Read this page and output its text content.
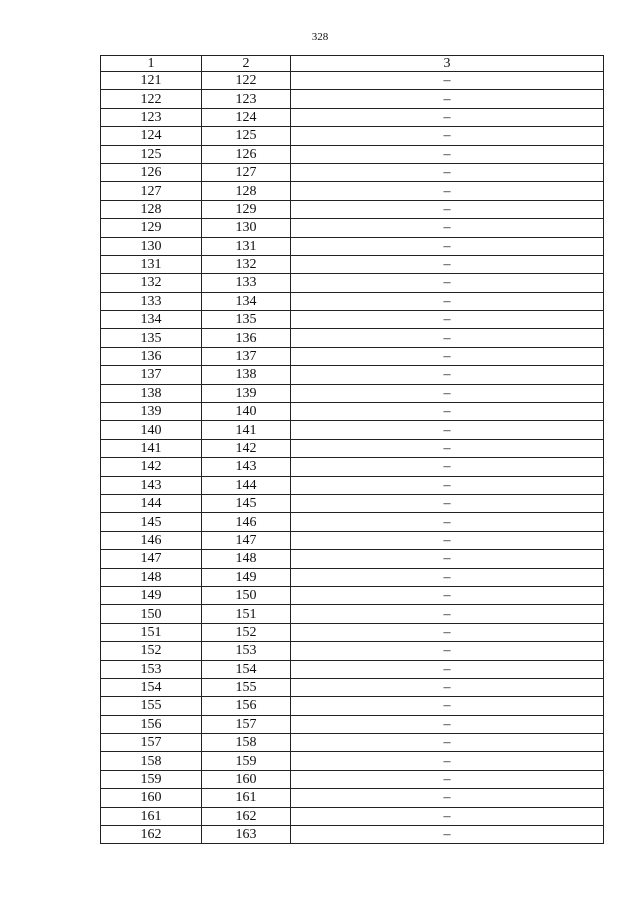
328
1	2	3
121	122	–
122	123	–
123	124	–
124	125	–
125	126	–
126	127	–
127	128	–
128	129	–
129	130	–
130	131	–
131	132	–
132	133	–
133	134	–
134	135	–
135	136	–
136	137	–
137	138	–
138	139	–
139	140	–
140	141	–
141	142	–
142	143	–
143	144	–
144	145	–
145	146	–
146	147	–
147	148	–
148	149	–
149	150	–
150	151	–
151	152	–
152	153	–
153	154	–
154	155	–
155	156	–
156	157	–
157	158	–
158	159	–
159	160	–
160	161	–
161	162	–
162	163	–
